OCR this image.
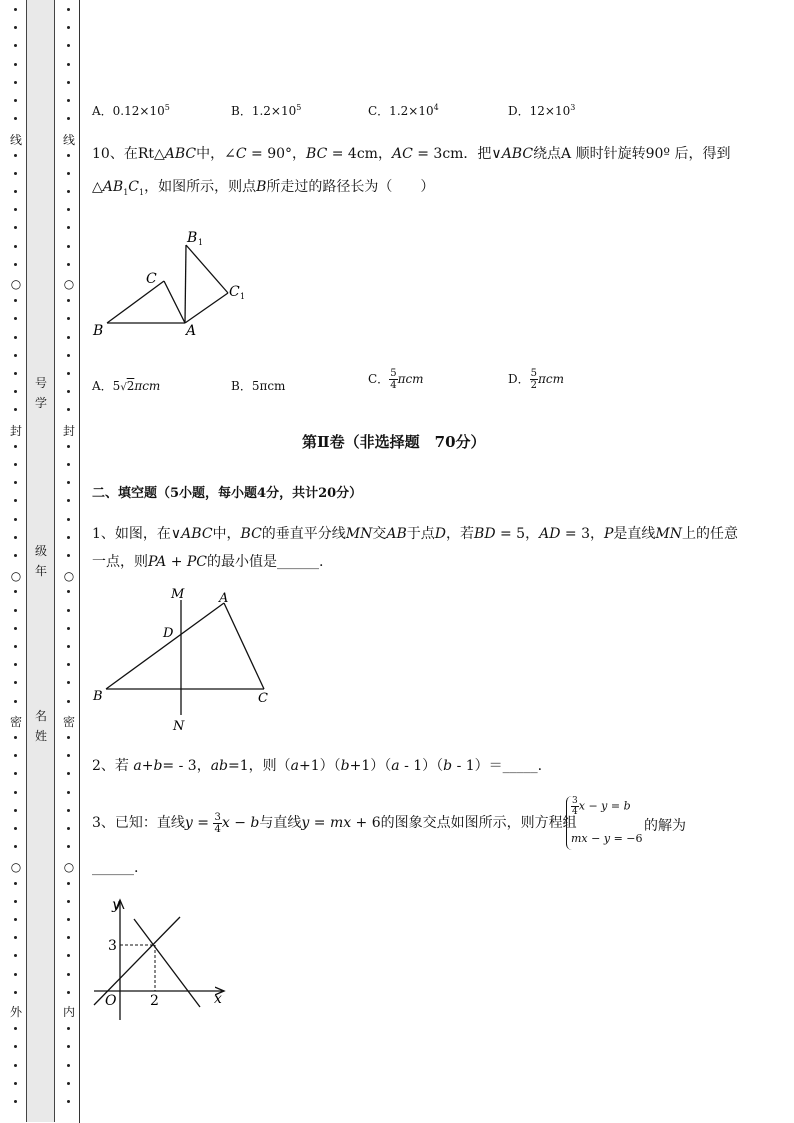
线
○
封
○
密
○
外
线
○
封
○
密
○
内
号
学
级
年
名
姓
A．$0.12\times 10^5$	B．$1.2\times 10^5$	C．$1.2\times 10^4$	D．$12\times 10^3$
10、在Rt△ABC中，∠C = 90°，BC = 4cm，AC = 3cm．把∨ABC绕点A 顺时针旋转90º 后，得到
$\triangle AB_1C_1$，如图所示，则点B所走过的路径长为（　　）
B
C
A
B 1
C 1
A．5√2πcm	B．5πcm	C． $\frac{5}{4}$ πcm	D． $\frac{5}{2}$ πcm
第Ⅱ卷（非选择题　70分）
二、填空题（5小题，每小题4分，共计20分）
1、如图，在∨ABC中，BC的垂直平分线MN交AB于点D，若BD = 5，AD = 3，P是直线MN上的任意
一点，则PA + PC的最小值是______.
M	A
D
B	C
N
2、若 a+b= - 3，ab=1，则（a+1）（b+1）（a - 1）（b - 1）＝_____.
3、已知：直线$y = \frac{3}{4}$ x − b与直线y = mx + 6的图象交点如图所示，则方程组
$\frac{3}{4}$ x − y = b
mx − y = −6
的解为
______.
y
x
O
3
2
